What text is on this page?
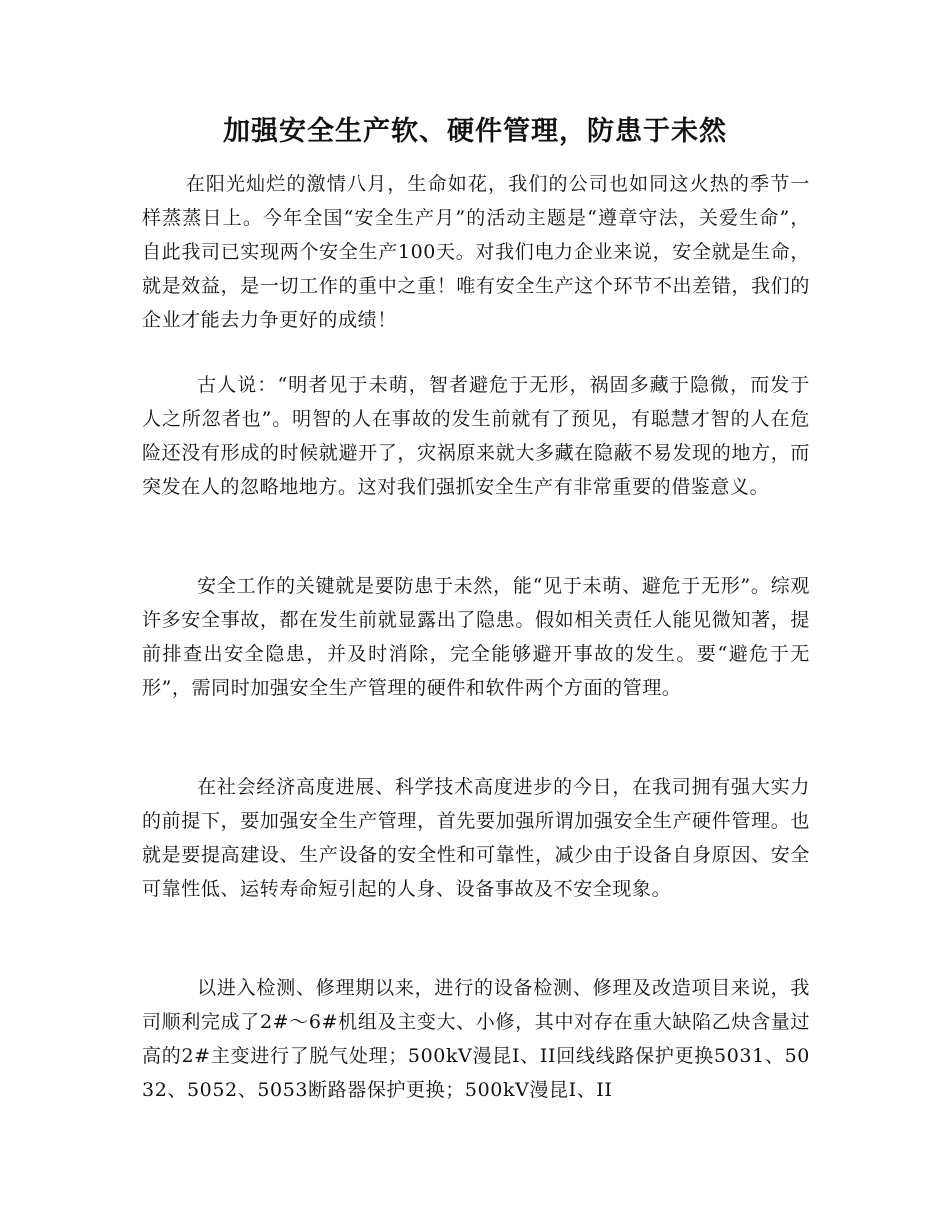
加强安全生产软、硬件管理，防患于未然

在阳光灿烂的激情八月，生命如花，我们的公司也如同这火热的季节一样蒸蒸日上。今年全国“安全生产月”的活动主题是“遵章守法，关爱生命”，自此我司已实现两个安全生产100天。对我们电力企业来说，安全就是生命，就是效益，是一切工作的重中之重！唯有安全生产这个环节不出差错，我们的企业才能去力争更好的成绩！

古人说：“明者见于未萌，智者避危于无形，祸固多藏于隐微，而发于人之所忽者也”。明智的人在事故的发生前就有了预见，有聪慧才智的人在危险还没有形成的时候就避开了，灾祸原来就大多藏在隐蔽不易发现的地方，而突发在人的忽略地地方。这对我们强抓安全生产有非常重要的借鉴意义。

安全工作的关键就是要防患于未然，能“见于未萌、避危于无形”。综观许多安全事故，都在发生前就显露出了隐患。假如相关责任人能见微知著，提前排查出安全隐患，并及时消除，完全能够避开事故的发生。要“避危于无形”，需同时加强安全生产管理的硬件和软件两个方面的管理。

在社会经济高度进展、科学技术高度进步的今日，在我司拥有强大实力的前提下，要加强安全生产管理，首先要加强所谓加强安全生产硬件管理。也就是要提高建设、生产设备的安全性和可靠性，减少由于设备自身原因、安全可靠性低、运转寿命短引起的人身、设备事故及不安全现象。

以进入检测、修理期以来，进行的设备检测、修理及改造项目来说，我司顺利完成了2#～6#机组及主变大、小修，其中对存在重大缺陷乙炔含量过高的2#主变进行了脱气处理；500kV漫昆I、II回线线路保护更换5031、5032、5052、5053断路器保护更换；500kV漫昆I、II
